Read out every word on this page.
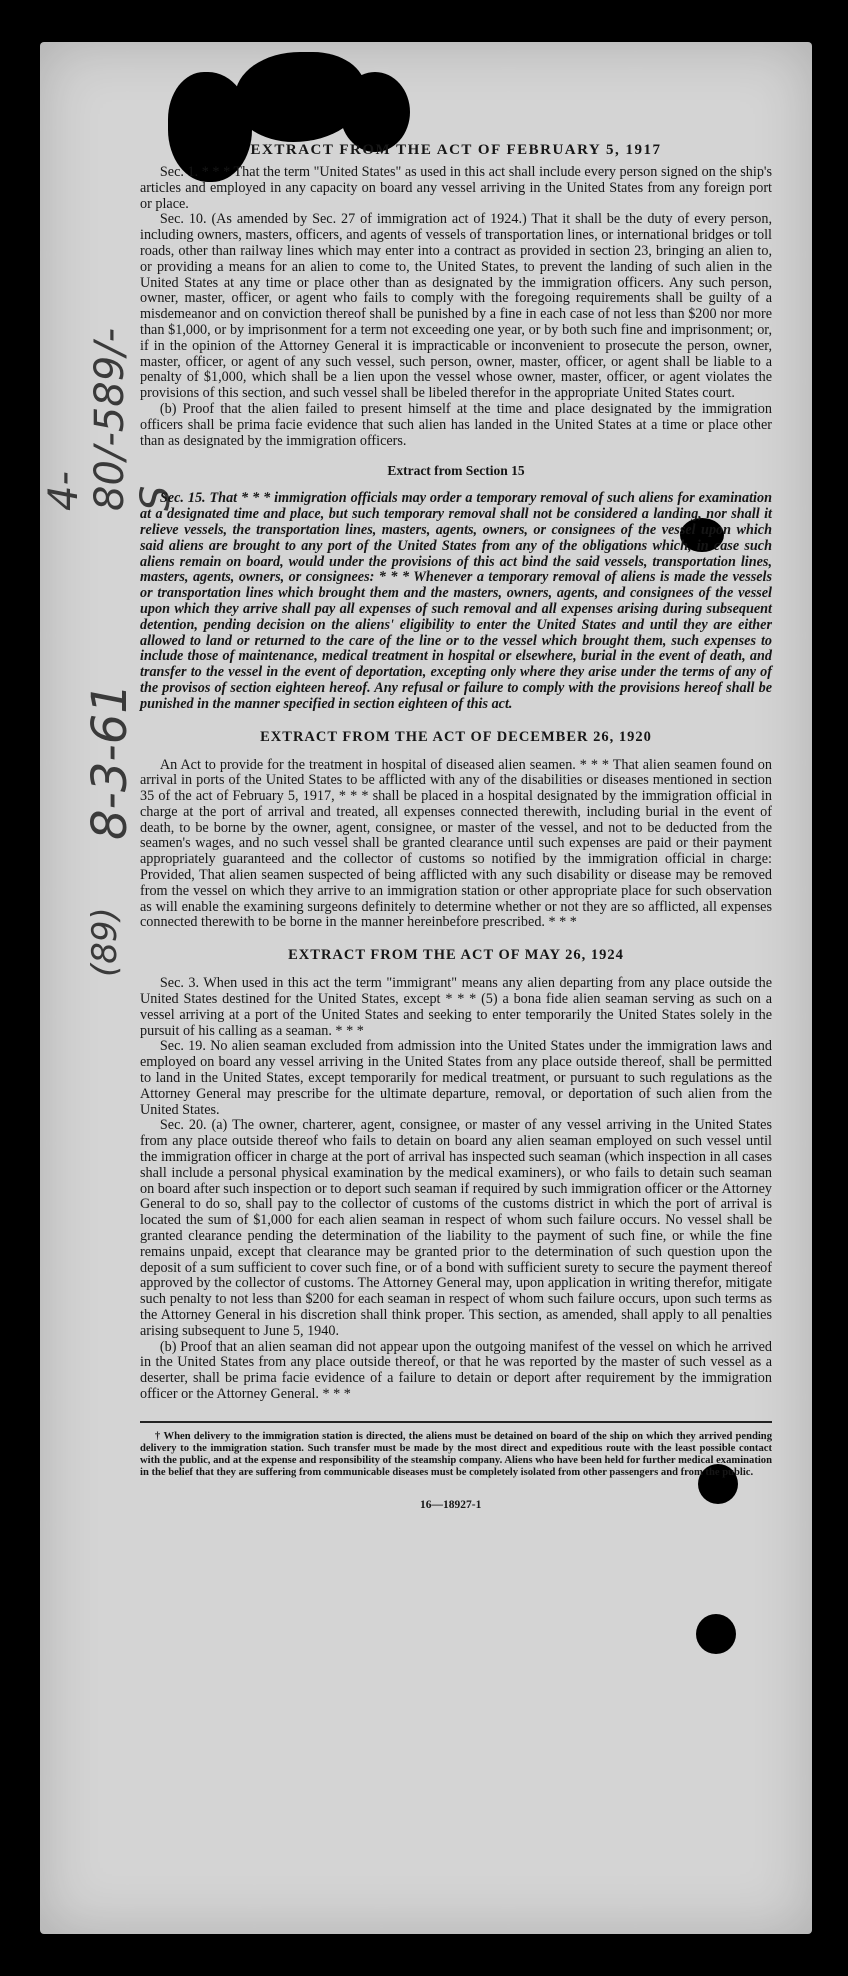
4-80/-589/-S
8-3-61
(89)
EXTRACT FROM THE ACT OF FEBRUARY 5, 1917

Sec. 1. * * * That the term "United States" as used in this act shall include every person signed on the ship's articles and employed in any capacity on board any vessel arriving in the United States from any foreign port or place.

Sec. 10. (As amended by Sec. 27 of immigration act of 1924.) That it shall be the duty of every person, including owners, masters, officers, and agents of vessels of transportation lines, or international bridges or toll roads, other than railway lines which may enter into a contract as provided in section 23, bringing an alien to, or providing a means for an alien to come to, the United States, to prevent the landing of such alien in the United States at any time or place other than as designated by the immigration officers. Any such person, owner, master, officer, or agent who fails to comply with the foregoing requirements shall be guilty of a misdemeanor and on conviction thereof shall be punished by a fine in each case of not less than $200 nor more than $1,000, or by imprisonment for a term not exceeding one year, or by both such fine and imprisonment; or, if in the opinion of the Attorney General it is impracticable or inconvenient to prosecute the person, owner, master, officer, or agent of any such vessel, such person, owner, master, officer, or agent shall be liable to a penalty of $1,000, which shall be a lien upon the vessel whose owner, master, officer, or agent violates the provisions of this section, and such vessel shall be libeled therefor in the appropriate United States court.

(b) Proof that the alien failed to present himself at the time and place designated by the immigration officers shall be prima facie evidence that such alien has landed in the United States at a time or place other than as designated by the immigration officers.

Extract from Section 15

Sec. 15. That * * * immigration officials may order a temporary removal of such aliens for examination at a designated time and place, but such temporary removal shall not be considered a landing, nor shall it relieve vessels, the transportation lines, masters, agents, owners, or consignees of the vessel upon which said aliens are brought to any port of the United States from any of the obligations which, in case such aliens remain on board, would under the provisions of this act bind the said vessels, transportation lines, masters, agents, owners, or consignees: * * * Whenever a temporary removal of aliens is made the vessels or transportation lines which brought them and the masters, owners, agents, and consignees of the vessel upon which they arrive shall pay all expenses of such removal and all expenses arising during subsequent detention, pending decision on the aliens' eligibility to enter the United States and until they are either allowed to land or returned to the care of the line or to the vessel which brought them, such expenses to include those of maintenance, medical treatment in hospital or elsewhere, burial in the event of death, and transfer to the vessel in the event of deportation, excepting only where they arise under the terms of any of the provisos of section eighteen hereof. Any refusal or failure to comply with the provisions hereof shall be punished in the manner specified in section eighteen of this act.

EXTRACT FROM THE ACT OF DECEMBER 26, 1920

An Act to provide for the treatment in hospital of diseased alien seamen. * * * That alien seamen found on arrival in ports of the United States to be afflicted with any of the disabilities or diseases mentioned in section 35 of the act of February 5, 1917, * * * shall be placed in a hospital designated by the immigration official in charge at the port of arrival and treated, all expenses connected therewith, including burial in the event of death, to be borne by the owner, agent, consignee, or master of the vessel, and not to be deducted from the seamen's wages, and no such vessel shall be granted clearance until such expenses are paid or their payment appropriately guaranteed and the collector of customs so notified by the immigration official in charge: Provided, That alien seamen suspected of being afflicted with any such disability or disease may be removed from the vessel on which they arrive to an immigration station or other appropriate place for such observation as will enable the examining surgeons definitely to determine whether or not they are so afflicted, all expenses connected therewith to be borne in the manner hereinbefore prescribed. * * *

EXTRACT FROM THE ACT OF MAY 26, 1924

Sec. 3. When used in this act the term "immigrant" means any alien departing from any place outside the United States destined for the United States, except * * * (5) a bona fide alien seaman serving as such on a vessel arriving at a port of the United States and seeking to enter temporarily the United States solely in the pursuit of his calling as a seaman. * * *

Sec. 19. No alien seaman excluded from admission into the United States under the immigration laws and employed on board any vessel arriving in the United States from any place outside thereof, shall be permitted to land in the United States, except temporarily for medical treatment, or pursuant to such regulations as the Attorney General may prescribe for the ultimate departure, removal, or deportation of such alien from the United States.

Sec. 20. (a) The owner, charterer, agent, consignee, or master of any vessel arriving in the United States from any place outside thereof who fails to detain on board any alien seaman employed on such vessel until the immigration officer in charge at the port of arrival has inspected such seaman (which inspection in all cases shall include a personal physical examination by the medical examiners), or who fails to detain such seaman on board after such inspection or to deport such seaman if required by such immigration officer or the Attorney General to do so, shall pay to the collector of customs of the customs district in which the port of arrival is located the sum of $1,000 for each alien seaman in respect of whom such failure occurs. No vessel shall be granted clearance pending the determination of the liability to the payment of such fine, or while the fine remains unpaid, except that clearance may be granted prior to the determination of such question upon the deposit of a sum sufficient to cover such fine, or of a bond with sufficient surety to secure the payment thereof approved by the collector of customs. The Attorney General may, upon application in writing therefor, mitigate such penalty to not less than $200 for each seaman in respect of whom such failure occurs, upon such terms as the Attorney General in his discretion shall think proper. This section, as amended, shall apply to all penalties arising subsequent to June 5, 1940.

(b) Proof that an alien seaman did not appear upon the outgoing manifest of the vessel on which he arrived in the United States from any place outside thereof, or that he was reported by the master of such vessel as a deserter, shall be prima facie evidence of a failure to detain or deport after requirement by the immigration officer or the Attorney General. * * *

† When delivery to the immigration station is directed, the aliens must be detained on board of the ship on which they arrived pending delivery to the immigration station. Such transfer must be made by the most direct and expeditious route with the least possible contact with the public, and at the expense and responsibility of the steamship company. Aliens who have been held for further medical examination in the belief that they are suffering from communicable diseases must be completely isolated from other passengers and from the public.

16—18927-1
